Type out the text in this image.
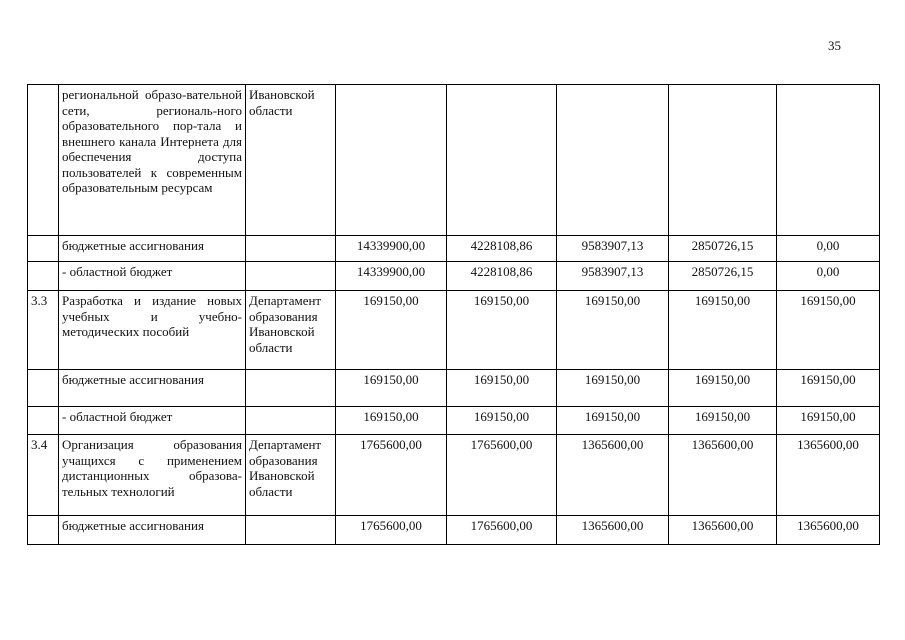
35
	региональной образо-вательной сети, региональ-ного образовательного пор-тала и внешнего канала Интернета для обеспечения доступа пользователей к современным образовательным ресурсам	Ивановской области					
	бюджетные ассигнования		14339900,00	4228108,86	9583907,13	2850726,15	0,00
	- областной бюджет		14339900,00	4228108,86	9583907,13	2850726,15	0,00
3.3	Разработка и издание новых учебных и учебно-методических пособий	Департамент образования Ивановской области	169150,00	169150,00	169150,00	169150,00	169150,00
	бюджетные ассигнования		169150,00	169150,00	169150,00	169150,00	169150,00
	- областной бюджет		169150,00	169150,00	169150,00	169150,00	169150,00
3.4	Организация образования учащихся с применением дистанционных образова-тельных технологий	Департамент образования Ивановской области	1765600,00	1765600,00	1365600,00	1365600,00	1365600,00
	бюджетные ассигнования		1765600,00	1765600,00	1365600,00	1365600,00	1365600,00
